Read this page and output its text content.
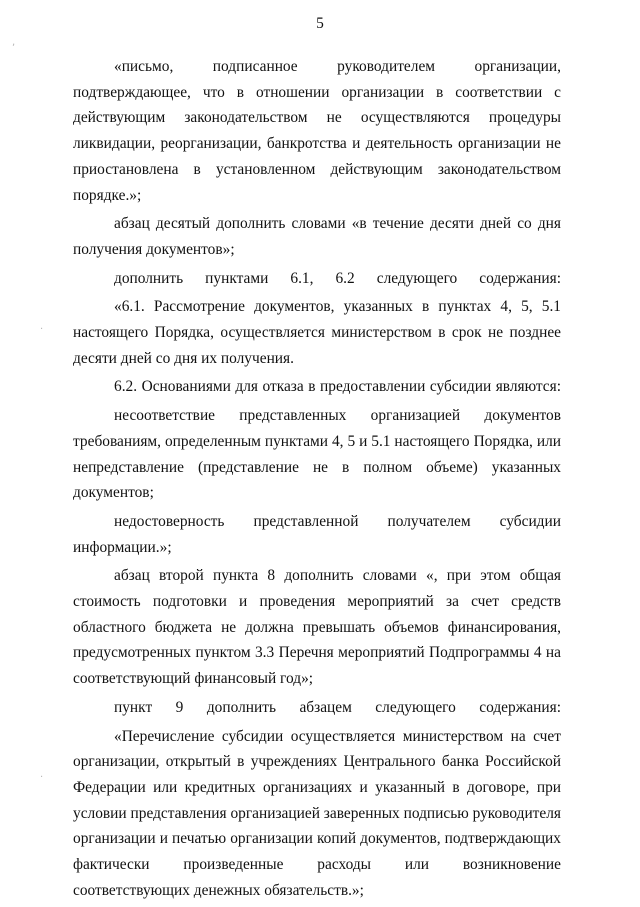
5
,
.
.

«письмо, подписанное руководителем организации, подтверждающее, что в отношении организации в соответствии с действующим законодательством не осуществляются процедуры ликвидации, реорганизации, банкротства и деятельность организации не приостановлена в установленном действующим законодательством порядке.»;

абзац десятый дополнить словами «в течение десяти дней со дня получения документов»;

дополнить пунктами 6.1, 6.2 следующего содержания:

«6.1. Рассмотрение документов, указанных в пунктах 4, 5, 5.1 настоящего Порядка, осуществляется министерством в срок не позднее десяти дней со дня их получения.

6.2. Основаниями для отказа в предоставлении субсидии являются:

несоответствие представленных организацией документов требованиям, определенным пунктами 4, 5 и 5.1 настоящего Порядка, или непредставление (представление не в полном объеме) указанных документов;

недостоверность представленной получателем субсидии информации.»;

абзац второй пункта 8 дополнить словами «, при этом общая стоимость подготовки и проведения мероприятий за счет средств областного бюджета не должна превышать объемов финансирования, предусмотренных пунктом 3.3 Перечня мероприятий Подпрограммы 4 на соответствующий финансовый год»;

пункт 9 дополнить абзацем следующего содержания:

«Перечисление субсидии осуществляется министерством на счет организации, открытый в учреждениях Центрального банка Российской Федерации или кредитных организациях и указанный в договоре, при условии представления организацией заверенных подписью руководителя организации и печатью организации копий документов, подтверждающих фактически произведенные расходы или возникновение соответствующих денежных обязательств.»;
